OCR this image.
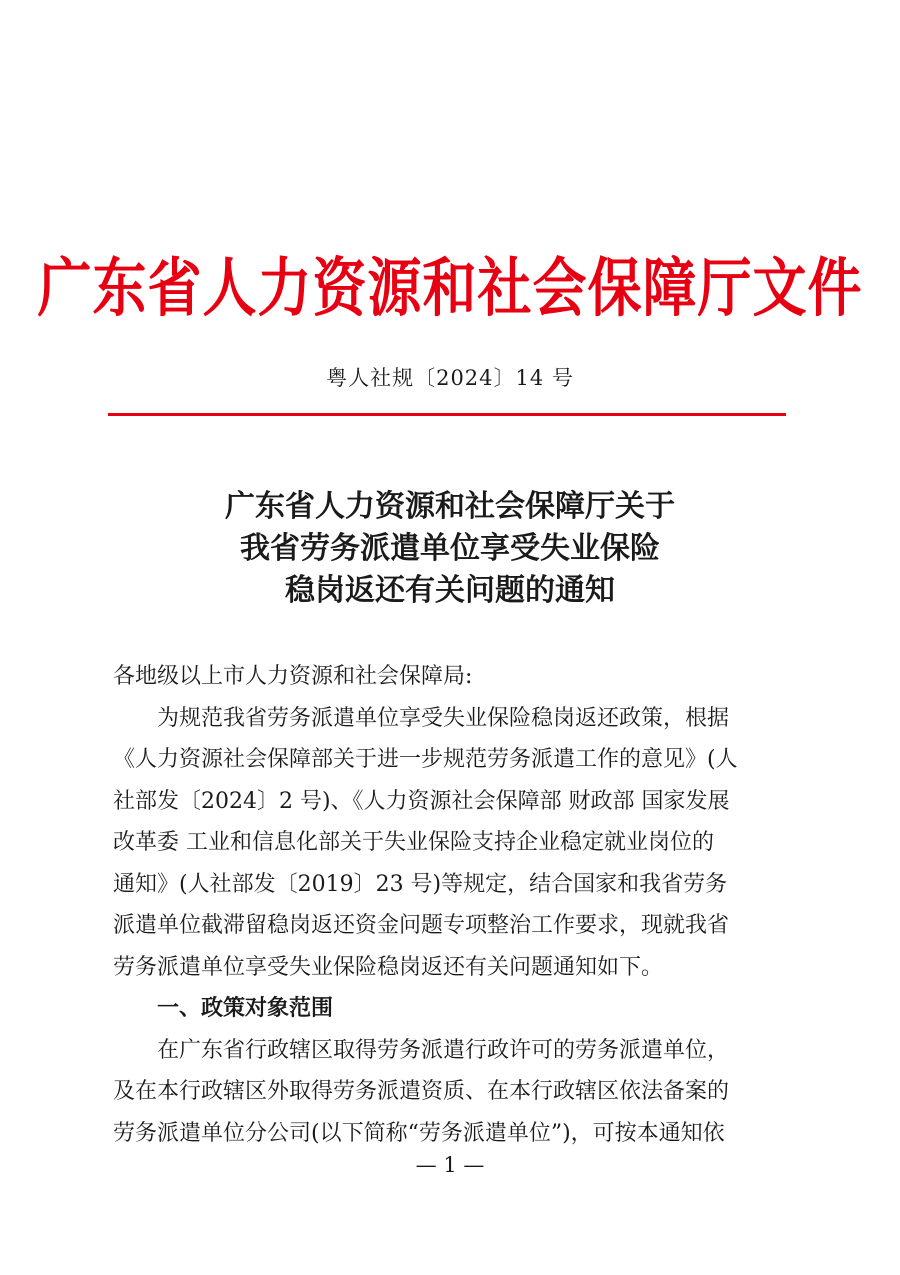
广东省人力资源和社会保障厅文件
粤人社规〔2024〕14 号
广东省人力资源和社会保障厅关于
我省劳务派遣单位享受失业保险
稳岗返还有关问题的通知

各地级以上市人力资源和社会保障局:

为规范我省劳务派遣单位享受失业保险稳岗返还政策，根据

《人力资源社会保障部关于进一步规范劳务派遣工作的意见》(人

社部发〔2024〕2 号)、《人力资源社会保障部 财政部 国家发展

改革委 工业和信息化部关于失业保险支持企业稳定就业岗位的

通知》(人社部发〔2019〕23 号)等规定，结合国家和我省劳务

派遣单位截滞留稳岗返还资金问题专项整治工作要求，现就我省

劳务派遣单位享受失业保险稳岗返还有关问题通知如下。

一、政策对象范围

在广东省行政辖区取得劳务派遣行政许可的劳务派遣单位，

及在本行政辖区外取得劳务派遣资质、在本行政辖区依法备案的

劳务派遣单位分公司(以下简称“劳务派遣单位”)，可按本通知依

— 1 —
